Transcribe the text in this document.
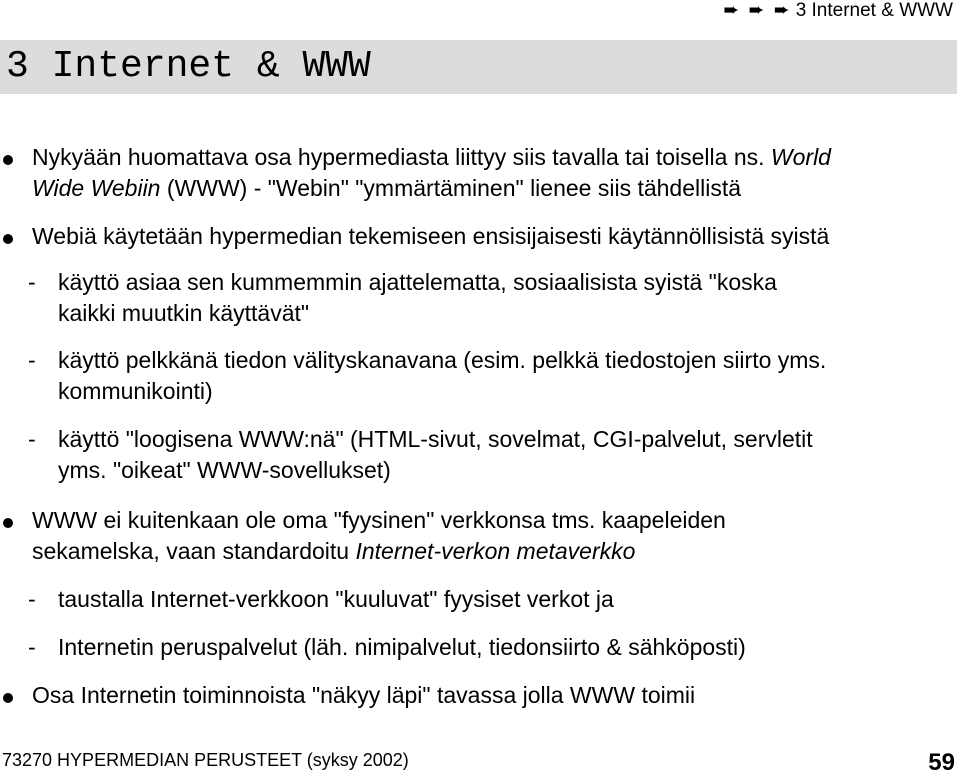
➨ ➨ ➨ 3 Internet & WWW
3 Internet & WWW
Nykyään huomattava osa hypermediasta liittyy siis tavalla tai toisella ns. World
Wide Webiin (WWW) - "Webin" "ymmärtäminen" lienee siis tähdellistä
Webiä käytetään hypermedian tekemiseen ensisijaisesti käytännöllisistä syistä
- käyttö asiaa sen kummemmin ajattelematta, sosiaalisista syistä "koska
kaikki muutkin käyttävät"
- käyttö pelkkänä tiedon välityskanavana (esim. pelkkä tiedostojen siirto yms.
kommunikointi)
- käyttö "loogisena WWW:nä" (HTML-sivut, sovelmat, CGI-palvelut, servletit
yms. "oikeat" WWW-sovellukset)
WWW ei kuitenkaan ole oma "fyysinen" verkkonsa tms. kaapeleiden
sekamelska, vaan standardoitu Internet-verkon metaverkko
- taustalla Internet-verkkoon "kuuluvat" fyysiset verkot ja
- Internetin peruspalvelut (läh. nimipalvelut, tiedonsiirto & sähköposti)
Osa Internetin toiminnoista "näkyy läpi" tavassa jolla WWW toimii
73270 HYPERMEDIAN PERUSTEET (syksy 2002)	59
